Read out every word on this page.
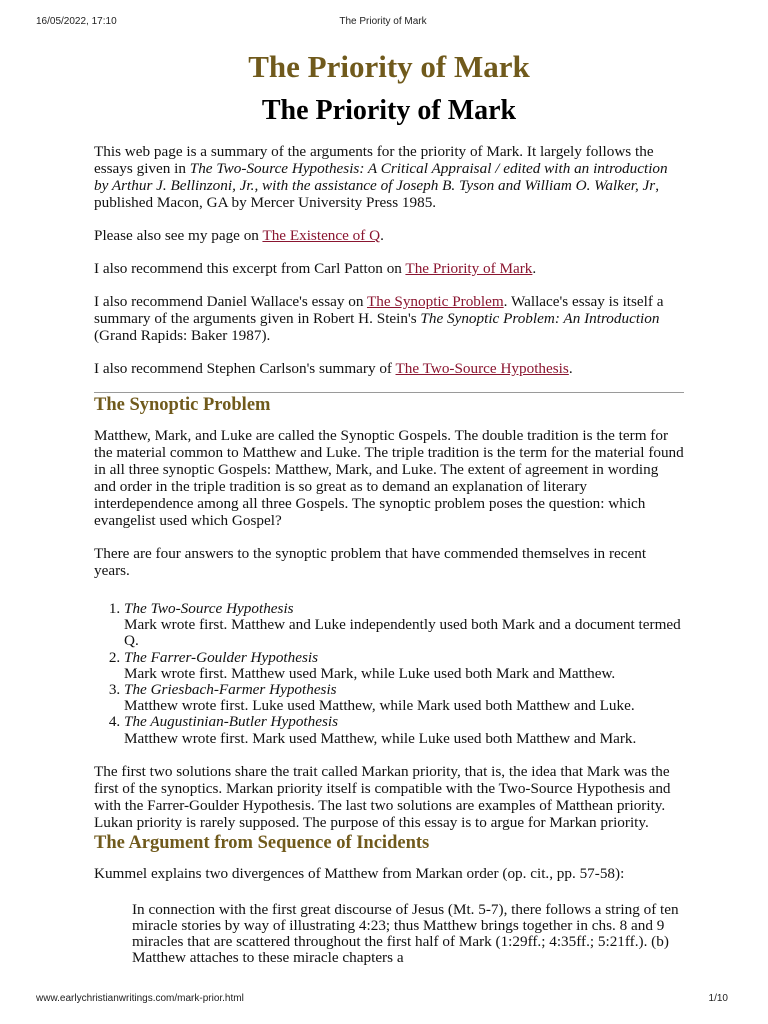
16/05/2022, 17:10	The Priority of Mark
The Priority of Mark
The Priority of Mark

This web page is a summary of the arguments for the priority of Mark. It largely follows the essays given in The Two-Source Hypothesis: A Critical Appraisal / edited with an introduction by Arthur J. Bellinzoni, Jr., with the assistance of Joseph B. Tyson and William O. Walker, Jr, published Macon, GA by Mercer University Press 1985.

Please also see my page on The Existence of Q.

I also recommend this excerpt from Carl Patton on The Priority of Mark.

I also recommend Daniel Wallace's essay on The Synoptic Problem. Wallace's essay is itself a summary of the arguments given in Robert H. Stein's The Synoptic Problem: An Introduction (Grand Rapids: Baker 1987).

I also recommend Stephen Carlson's summary of The Two-Source Hypothesis.

The Synoptic Problem

Matthew, Mark, and Luke are called the Synoptic Gospels. The double tradition is the term for the material common to Matthew and Luke. The triple tradition is the term for the material found in all three synoptic Gospels: Matthew, Mark, and Luke. The extent of agreement in wording and order in the triple tradition is so great as to demand an explanation of literary interdependence among all three Gospels. The synoptic problem poses the question: which evangelist used which Gospel?

There are four answers to the synoptic problem that have commended themselves in recent years.

1. The Two-Source Hypothesis
Mark wrote first. Matthew and Luke independently used both Mark and a document termed Q.
2. The Farrer-Goulder Hypothesis
Mark wrote first. Matthew used Mark, while Luke used both Mark and Matthew.
3. The Griesbach-Farmer Hypothesis
Matthew wrote first. Luke used Matthew, while Mark used both Matthew and Luke.
4. The Augustinian-Butler Hypothesis
Matthew wrote first. Mark used Matthew, while Luke used both Matthew and Mark.

The first two solutions share the trait called Markan priority, that is, the idea that Mark was the first of the synoptics. Markan priority itself is compatible with the Two-Source Hypothesis and with the Farrer-Goulder Hypothesis. The last two solutions are examples of Matthean priority. Lukan priority is rarely supposed. The purpose of this essay is to argue for Markan priority.

The Argument from Sequence of Incidents

Kummel explains two divergences of Matthew from Markan order (op. cit., pp. 57-58):

In connection with the first great discourse of Jesus (Mt. 5-7), there follows a string of ten miracle stories by way of illustrating 4:23; thus Matthew brings together in chs. 8 and 9 miracles that are scattered throughout the first half of Mark (1:29ff.; 4:35ff.; 5:21ff.). (b) Matthew attaches to these miracle chapters a

www.earlychristianwritings.com/mark-prior.html	1/10
